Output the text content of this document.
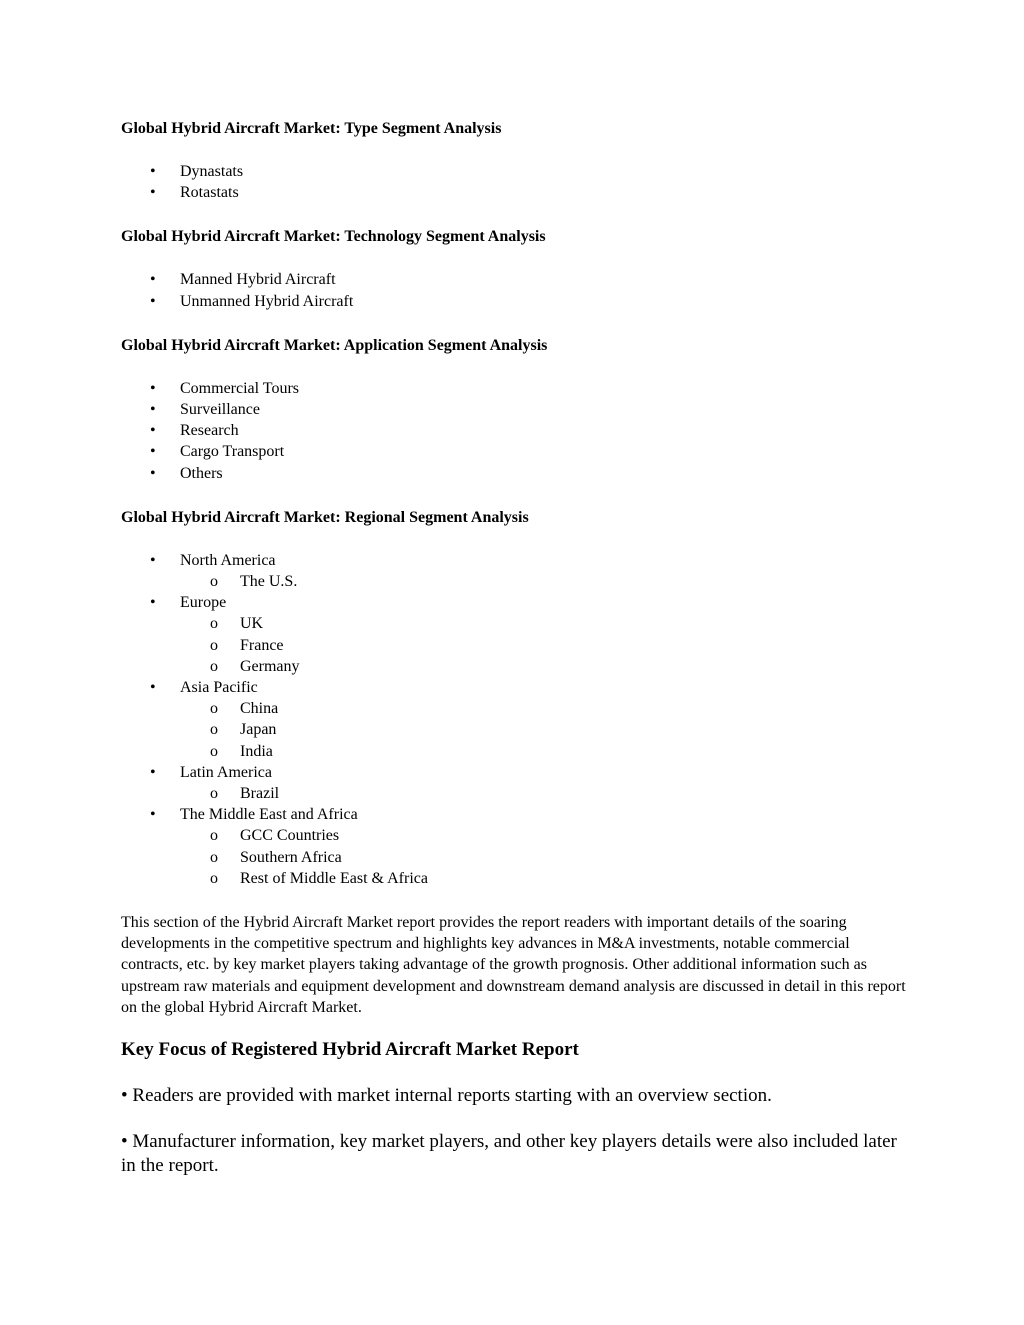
Global Hybrid Aircraft Market: Type Segment Analysis
• Dynastats
• Rotastats
Global Hybrid Aircraft Market: Technology Segment Analysis
• Manned Hybrid Aircraft
• Unmanned Hybrid Aircraft
Global Hybrid Aircraft Market: Application Segment Analysis
• Commercial Tours
• Surveillance
• Research
• Cargo Transport
• Others
Global Hybrid Aircraft Market: Regional Segment Analysis
• North America
o The U.S.
• Europe
o UK
o France
o Germany
• Asia Pacific
o China
o Japan
o India
• Latin America
o Brazil
• The Middle East and Africa
o GCC Countries
o Southern Africa
o Rest of Middle East & Africa

This section of the Hybrid Aircraft Market report provides the report readers with important details of the soaring developments in the competitive spectrum and highlights key advances in M&A investments, notable commercial contracts, etc. by key market players taking advantage of the growth prognosis. Other additional information such as upstream raw materials and equipment development and downstream demand analysis are discussed in detail in this report on the global Hybrid Aircraft Market.

Key Focus of Registered Hybrid Aircraft Market Report

• Readers are provided with market internal reports starting with an overview section.

• Manufacturer information, key market players, and other key players details were also included later in the report.
